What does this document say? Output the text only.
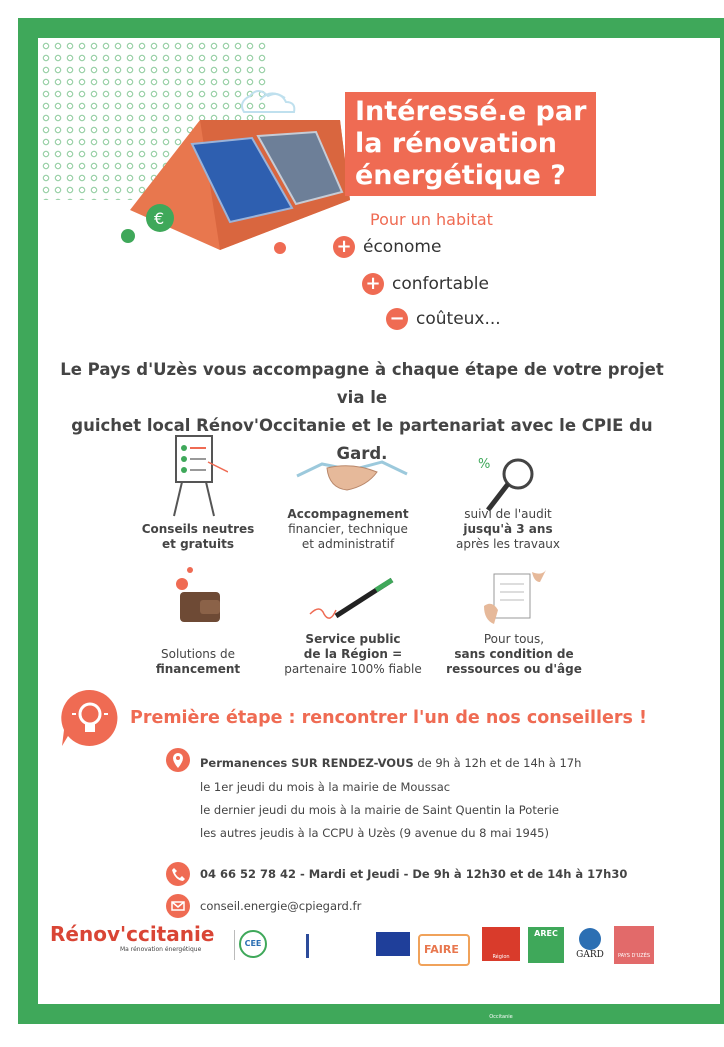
€
Intéressé.e par
la rénovation
énergétique ?
Pour un habitat
+ économe
+ confortable
− coûteux...
Le Pays d'Uzès vous accompagne à chaque étape de votre projet via le
guichet local Rénov'Occitanie et le partenariat avec le CPIE du Gard.
%
Conseils neutres
et gratuits

Accompagnement
financier, technique
et administratif
suivi de l'audit
jusqu'à 3 ans
après les travaux
Solutions de
financement

Service public
de la Région =
partenaire 100% fiable
Pour tous,
sans condition de
ressources ou d'âge
Première étape : rencontrer l'un de nos conseillers !
Permanences SUR RENDEZ-VOUS de 9h à 12h et de 14h à 17h
le 1er jeudi du mois à la mairie de Moussac
le dernier jeudi du mois à la mairie de Saint Quentin la Poterie
les autres jeudis à la CCPU à Uzès (9 avenue du 8 mai 1945)
04 66 52 78 42 - Mardi et Jeudi - De 9h à 12h30 et de 14h à 17h30
conseil.energie@cpiegard.fr
Rénov'ccitanie
Ma rénovation énergétique
CEE	FAIRE
Région Occitanie
AREC
GARD	PAYS D'UZÈS
